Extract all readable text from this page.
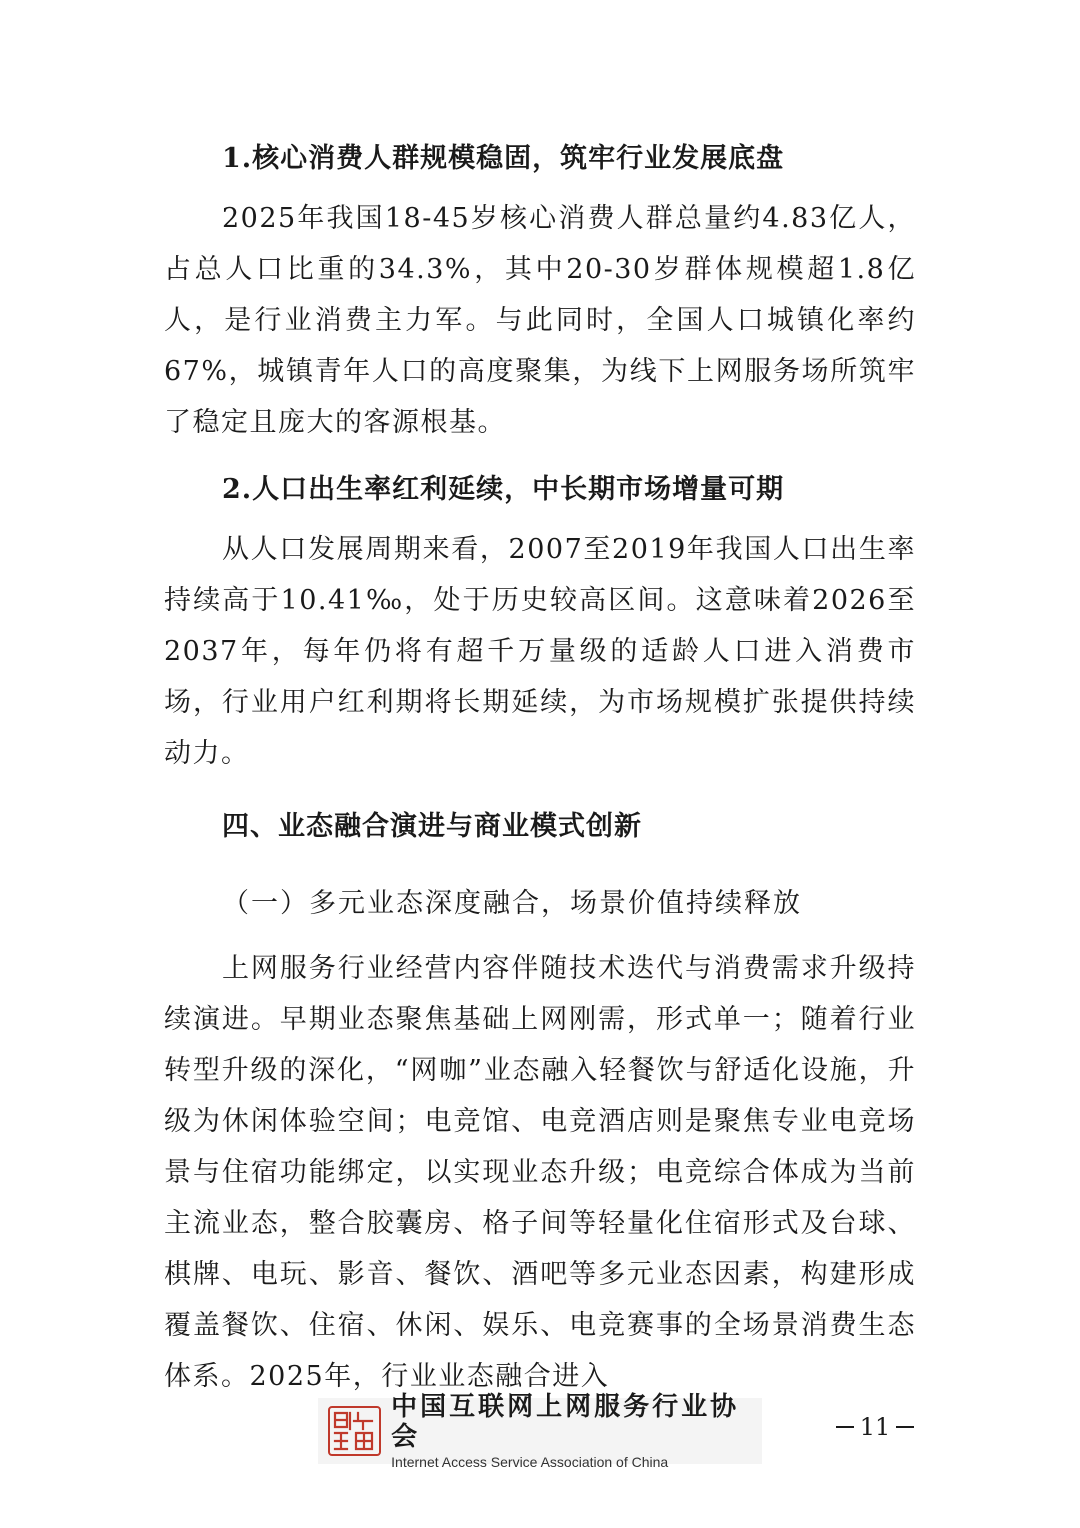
1.核心消费人群规模稳固，筑牢行业发展底盘

2025年我国18-45岁核心消费人群总量约4.83亿人，占总人口比重的34.3%，其中20-30岁群体规模超1.8亿人，是行业消费主力军。与此同时，全国人口城镇化率约67%，城镇青年人口的高度聚集，为线下上网服务场所筑牢了稳定且庞大的客源根基。

2.人口出生率红利延续，中长期市场增量可期

从人口发展周期来看，2007至2019年我国人口出生率持续高于10.41‰，处于历史较高区间。这意味着2026至2037年，每年仍将有超千万量级的适龄人口进入消费市场，行业用户红利期将长期延续，为市场规模扩张提供持续动力。

四、业态融合演进与商业模式创新

（一）多元业态深度融合，场景价值持续释放

上网服务行业经营内容伴随技术迭代与消费需求升级持续演进。早期业态聚焦基础上网刚需，形式单一；随着行业转型升级的深化，“网咖”业态融入轻餐饮与舒适化设施，升级为休闲体验空间；电竞馆、电竞酒店则是聚焦专业电竞场景与住宿功能绑定，以实现业态升级；电竞综合体成为当前主流业态，整合胶囊房、格子间等轻量化住宿形式及台球、棋牌、电玩、影音、餐饮、酒吧等多元业态因素，构建形成覆盖餐饮、住宿、休闲、娱乐、电竞赛事的全场景消费生态体系。2025年，行业业态融合进入

中国互联网上网服务行业协会
Internet Access Service Association of China
11
